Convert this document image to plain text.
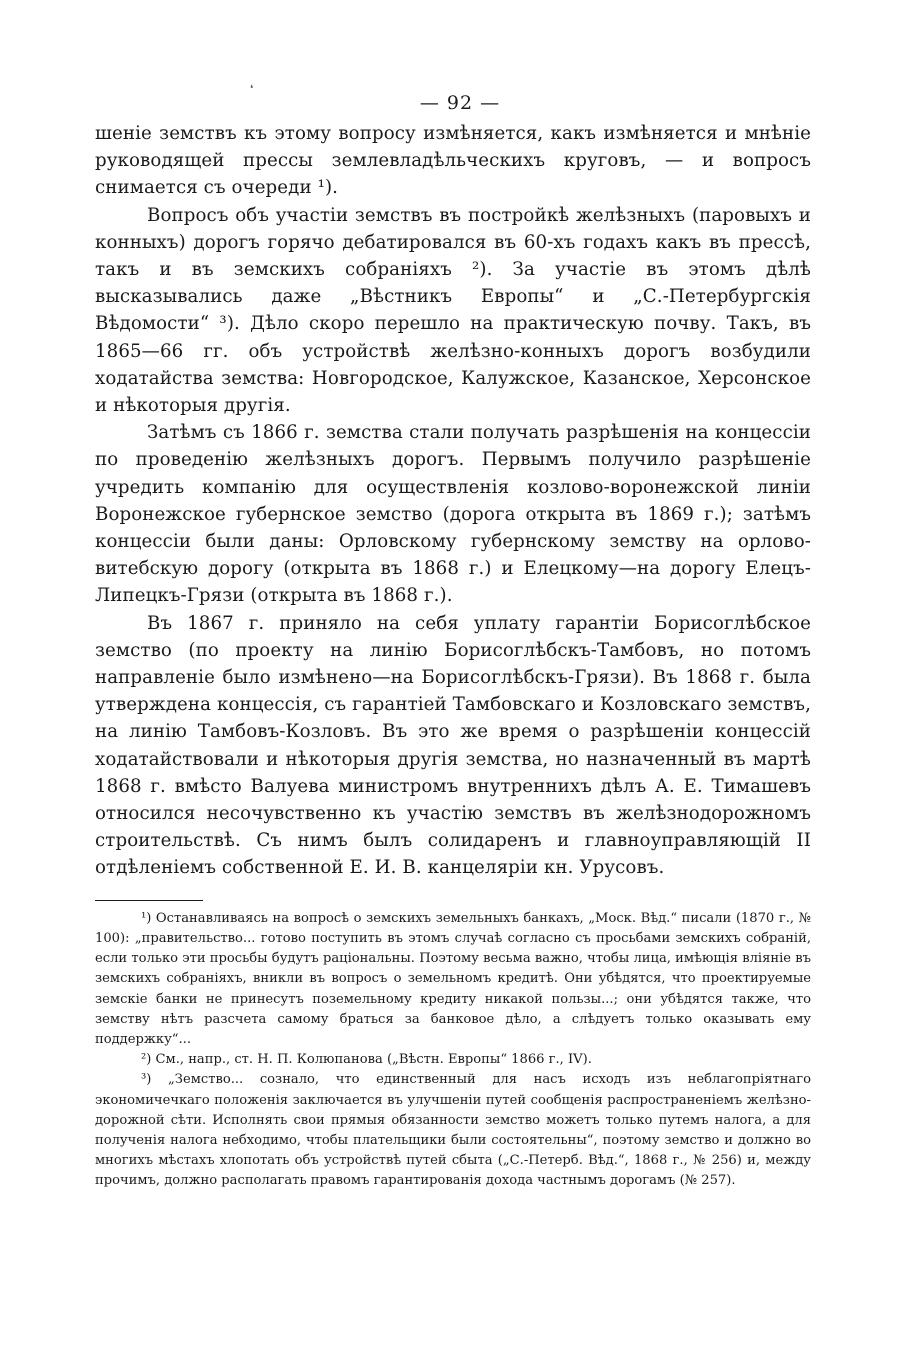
❛
— 92 —

шеніе земствъ къ этому вопросу измѣняется, какъ измѣняется и мнѣніе руководящей прессы землевладѣльческихъ круговъ, — и вопросъ снимается съ очереди ¹).

Вопросъ объ участіи земствъ въ постройкѣ желѣзныхъ (паровыхъ и конныхъ) дорогъ горячо дебатировался въ 60-хъ годахъ какъ въ прессѣ, такъ и въ земскихъ собраніяхъ ²). За участіе въ этомъ дѣлѣ высказывались даже „Вѣстникъ Европы“ и „С.-Петербургскія Вѣдомости“ ³). Дѣло скоро перешло на практическую почву. Такъ, въ 1865—66 гг. объ устройствѣ желѣзно-конныхъ дорогъ возбудили ходатайства земства: Новгородское, Калужское, Казанское, Херсонское и нѣкоторыя другія.

Затѣмъ съ 1866 г. земства стали получать разрѣшенія на концессіи по проведенію желѣзныхъ дорогъ. Первымъ получило разрѣшеніе учредить компанію для осуществленія козлово-воронежской линіи Воронежское губернское земство (дорога открыта въ 1869 г.); затѣмъ концессіи были даны: Орловскому губернскому земству на орлово-витебскую дорогу (открыта въ 1868 г.) и Елецкому—на дорогу Елецъ-Липецкъ-Грязи (открыта въ 1868 г.).

Въ 1867 г. приняло на себя уплату гарантіи Борисоглѣбское земство (по проекту на линію Борисоглѣбскъ-Тамбовъ, но потомъ направленіе было измѣнено—на Борисоглѣбскъ-Грязи). Въ 1868 г. была утверждена концессія, съ гарантіей Тамбовскаго и Козловскаго земствъ, на линію Тамбовъ-Козловъ. Въ это же время о разрѣшеніи концессій ходатайствовали и нѣкоторыя другія земства, но назначенный въ мартѣ 1868 г. вмѣсто Валуева министромъ внутреннихъ дѣлъ А. Е. Тимашевъ относился несочувственно къ участію земствъ въ желѣзнодорожномъ строительствѣ. Съ нимъ былъ солидаренъ и главноуправляющій II отдѣленіемъ собственной Е. И. В. канцеляріи кн. Урусовъ.

¹) Останавливаясь на вопросѣ о земскихъ земельныхъ банкахъ, „Моск. Вѣд.“ писали (1870 г., № 100): „правительство... готово поступить въ этомъ случаѣ согласно съ просьбами земскихъ собраній, если только эти просьбы будутъ раціональны. Поэтому весьма важно, чтобы лица, имѣющія вліяніе въ земскихъ собраніяхъ, вникли въ вопросъ о земельномъ кредитѣ. Они убѣдятся, что проектируемые земскіе банки не принесутъ поземельному кредиту никакой пользы...; они убѣдятся также, что земству нѣтъ разсчета самому браться за банковое дѣло, а слѣдуетъ только оказывать ему поддержку“...

²) См., напр., ст. Н. П. Колюпанова („Вѣстн. Европы“ 1866 г., IV).

³) „Земство... сознало, что единственный для насъ исходъ изъ неблагопріятнаго экономичечкаго положенія заключается въ улучшеніи путей сообщенія распространеніемъ желѣзно-дорожной сѣти. Исполнять свои прямыя обязанности земство можетъ только путемъ налога, а для полученія налога небходимо, чтобы плательщики были состоятельны“, поэтому земство и должно во многихъ мѣстахъ хлопотать объ устройствѣ путей сбыта („С.-Петерб. Вѣд.“, 1868 г., № 256) и, между прочимъ, должно располагать правомъ гарантированія дохода частнымъ дорогамъ (№ 257).
